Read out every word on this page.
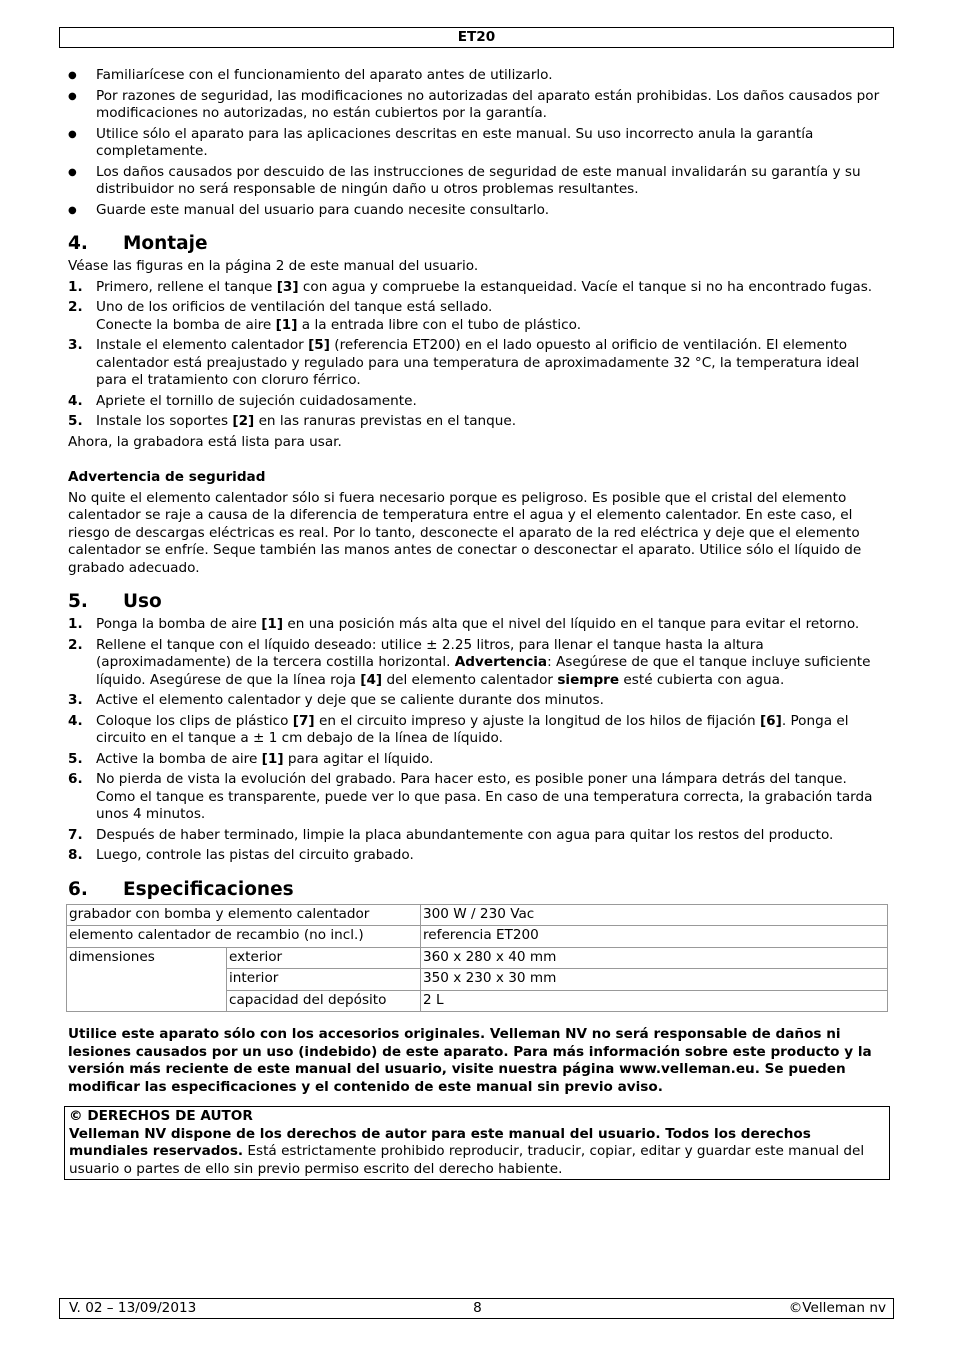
ET20
● Familiarícese con el funcionamiento del aparato antes de utilizarlo.
● Por razones de seguridad, las modificaciones no autorizadas del aparato están prohibidas. Los daños causados por modificaciones no autorizadas, no están cubiertos por la garantía.
● Utilice sólo el aparato para las aplicaciones descritas en este manual. Su uso incorrecto anula la garantía completamente.
● Los daños causados por descuido de las instrucciones de seguridad de este manual invalidarán su garantía y su distribuidor no será responsable de ningún daño u otros problemas resultantes.
● Guarde este manual del usuario para cuando necesite consultarlo.
4. Montaje

Véase las figuras en la página 2 de este manual del usuario.

1. Primero, rellene el tanque [3] con agua y compruebe la estanqueidad. Vacíe el tanque si no ha encontrado fugas.
2. Uno de los orificios de ventilación del tanque está sellado.
Conecte la bomba de aire [1] a la entrada libre con el tubo de plástico.
3. Instale el elemento calentador [5] (referencia ET200) en el lado opuesto al orificio de ventilación. El elemento calentador está preajustado y regulado para una temperatura de aproximadamente 32 °C, la temperatura ideal para el tratamiento con cloruro férrico.
4. Apriete el tornillo de sujeción cuidadosamente.
5. Instale los soportes [2] en las ranuras previstas en el tanque.

Ahora, la grabadora está lista para usar.

Advertencia de seguridad

No quite el elemento calentador sólo si fuera necesario porque es peligroso. Es posible que el cristal del elemento calentador se raje a causa de la diferencia de temperatura entre el agua y el elemento calentador. En este caso, el riesgo de descargas eléctricas es real. Por lo tanto, desconecte el aparato de la red eléctrica y deje que el elemento calentador se enfríe. Seque también las manos antes de conectar o desconectar el aparato. Utilice sólo el líquido de grabado adecuado.

5. Uso
1. Ponga la bomba de aire [1] en una posición más alta que el nivel del líquido en el tanque para evitar el retorno.
2. Rellene el tanque con el líquido deseado: utilice ± 2.25 litros, para llenar el tanque hasta la altura (aproximadamente) de la tercera costilla horizontal. Advertencia: Asegúrese de que el tanque incluye suficiente líquido. Asegúrese de que la línea roja [4] del elemento calentador siempre esté cubierta con agua.
3. Active el elemento calentador y deje que se caliente durante dos minutos.
4. Coloque los clips de plástico [7] en el circuito impreso y ajuste la longitud de los hilos de fijación [6]. Ponga el circuito en el tanque a ± 1 cm debajo de la línea de líquido.
5. Active la bomba de aire [1] para agitar el líquido.
6. No pierda de vista la evolución del grabado. Para hacer esto, es posible poner una lámpara detrás del tanque. Como el tanque es transparente, puede ver lo que pasa. En caso de una temperatura correcta, la grabación tarda unos 4 minutos.
7. Después de haber terminado, limpie la placa abundantemente con agua para quitar los restos del producto.
8. Luego, controle las pistas del circuito grabado.
6. Especificaciones
grabador con bomba y elemento calentador		300 W / 230 Vac
elemento calentador de recambio (no incl.)		referencia ET200
dimensiones	exterior	360 x 280 x 40 mm
	interior	350 x 230 x 30 mm
	capacidad del depósito	2 L

Utilice este aparato sólo con los accesorios originales. Velleman NV no será responsable de daños ni lesiones causados por un uso (indebido) de este aparato. Para más información sobre este producto y la versión más reciente de este manual del usuario, visite nuestra página www.velleman.eu. Se pueden modificar las especificaciones y el contenido de este manual sin previo aviso.

© DERECHOS DE AUTOR
Velleman NV dispone de los derechos de autor para este manual del usuario. Todos los derechos mundiales reservados. Está estrictamente prohibido reproducir, traducir, copiar, editar y guardar este manual del usuario o partes de ello sin previo permiso escrito del derecho habiente.
8
V. 02 – 13/09/2013	©Velleman nv
